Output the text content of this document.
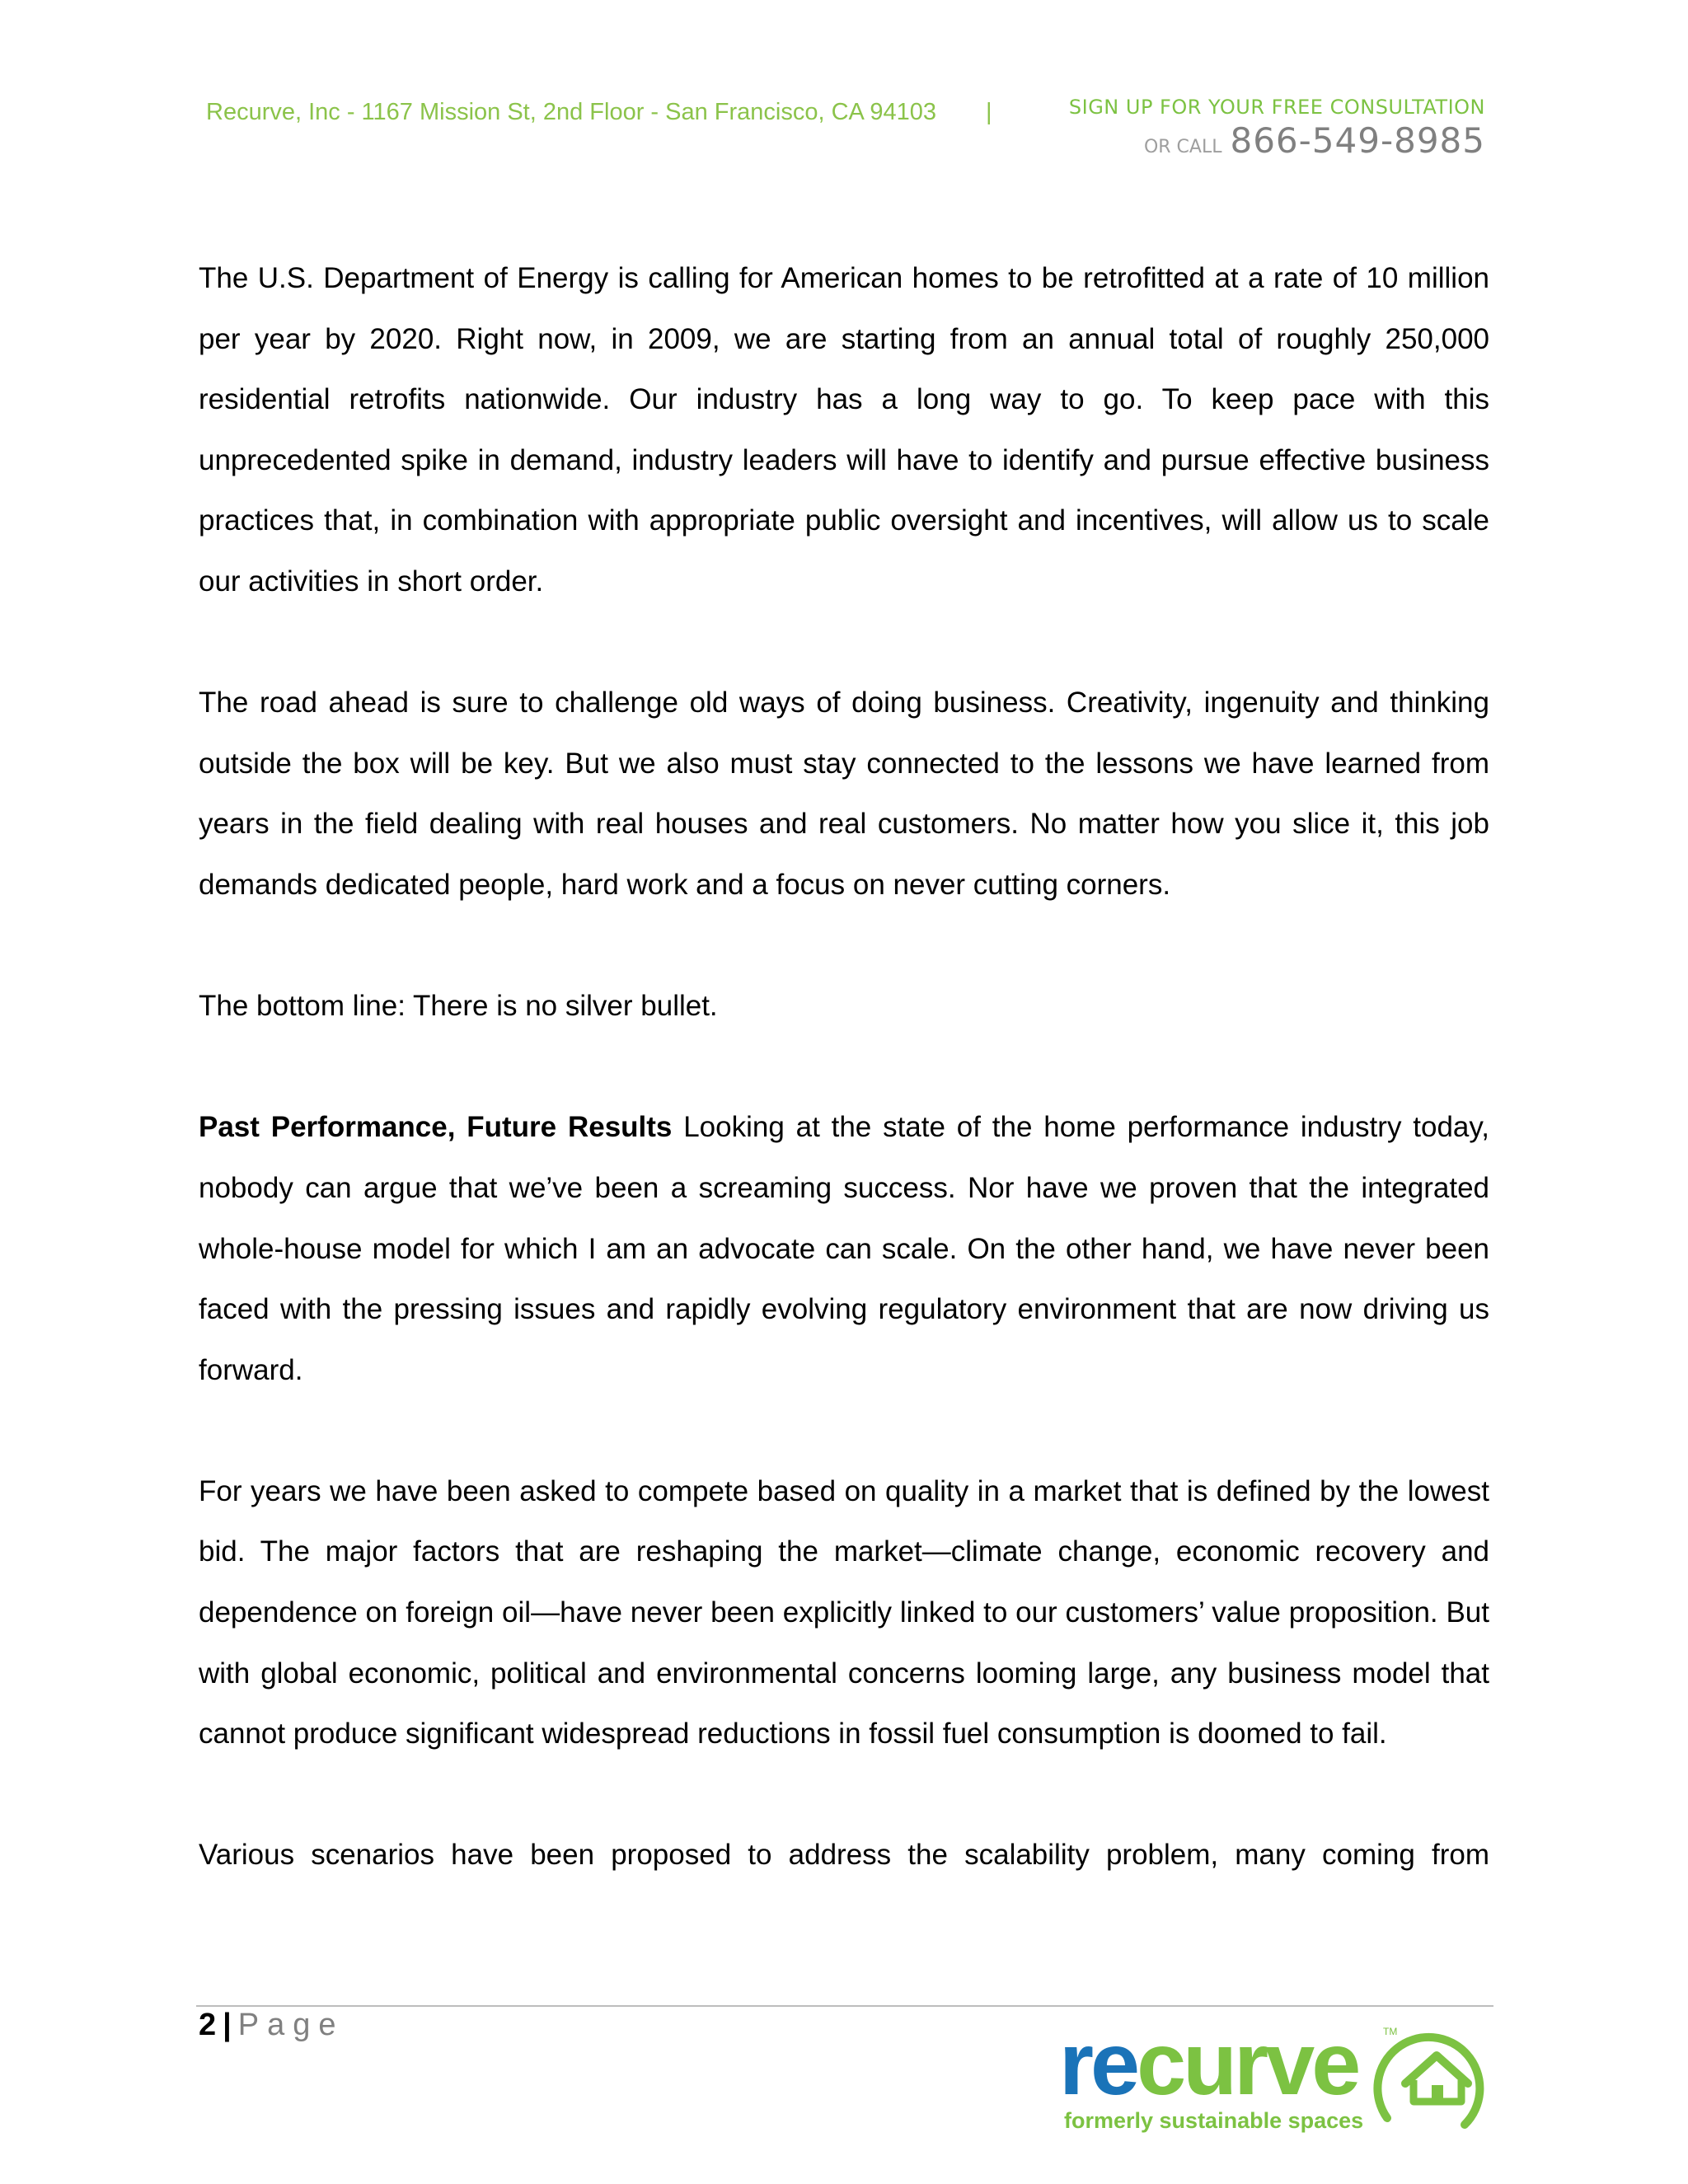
Recurve, Inc - 1167 Mission St, 2nd Floor - San Francisco, CA 94103 |	SIGN UP FOR YOUR FREE CONSULTATION
OR CALL 866-549-8985

The U.S. Department of Energy is calling for American homes to be retrofitted at a rate of 10 million per year by 2020. Right now, in 2009, we are starting from an annual total of roughly 250,000 residential retrofits nationwide. Our industry has a long way to go. To keep pace with this unprecedented spike in demand, industry leaders will have to identify and pursue effective business practices that, in combination with appropriate public oversight and incentives, will allow us to scale our activities in short order.

The road ahead is sure to challenge old ways of doing business. Creativity, ingenuity and thinking outside the box will be key. But we also must stay connected to the lessons we have learned from years in the field dealing with real houses and real customers. No matter how you slice it, this job demands dedicated people, hard work and a focus on never cutting corners.

The bottom line: There is no silver bullet.

Past Performance, Future Results Looking at the state of the home performance industry today, nobody can argue that we’ve been a screaming success. Nor have we proven that the integrated whole-house model for which I am an advocate can scale. On the other hand, we have never been faced with the pressing issues and rapidly evolving regulatory environment that are now driving us forward.

For years we have been asked to compete based on quality in a market that is defined by the lowest bid. The major factors that are reshaping the market—climate change, economic recovery and dependence on foreign oil—have never been explicitly linked to our customers’ value proposition. But with global economic, political and environmental concerns looming large, any business model that cannot produce significant widespread reductions in fossil fuel consumption is doomed to fail.

Various scenarios have been proposed to address the scalability problem, many coming from

2 | Page	recurve	TM
formerly sustainable spaces
